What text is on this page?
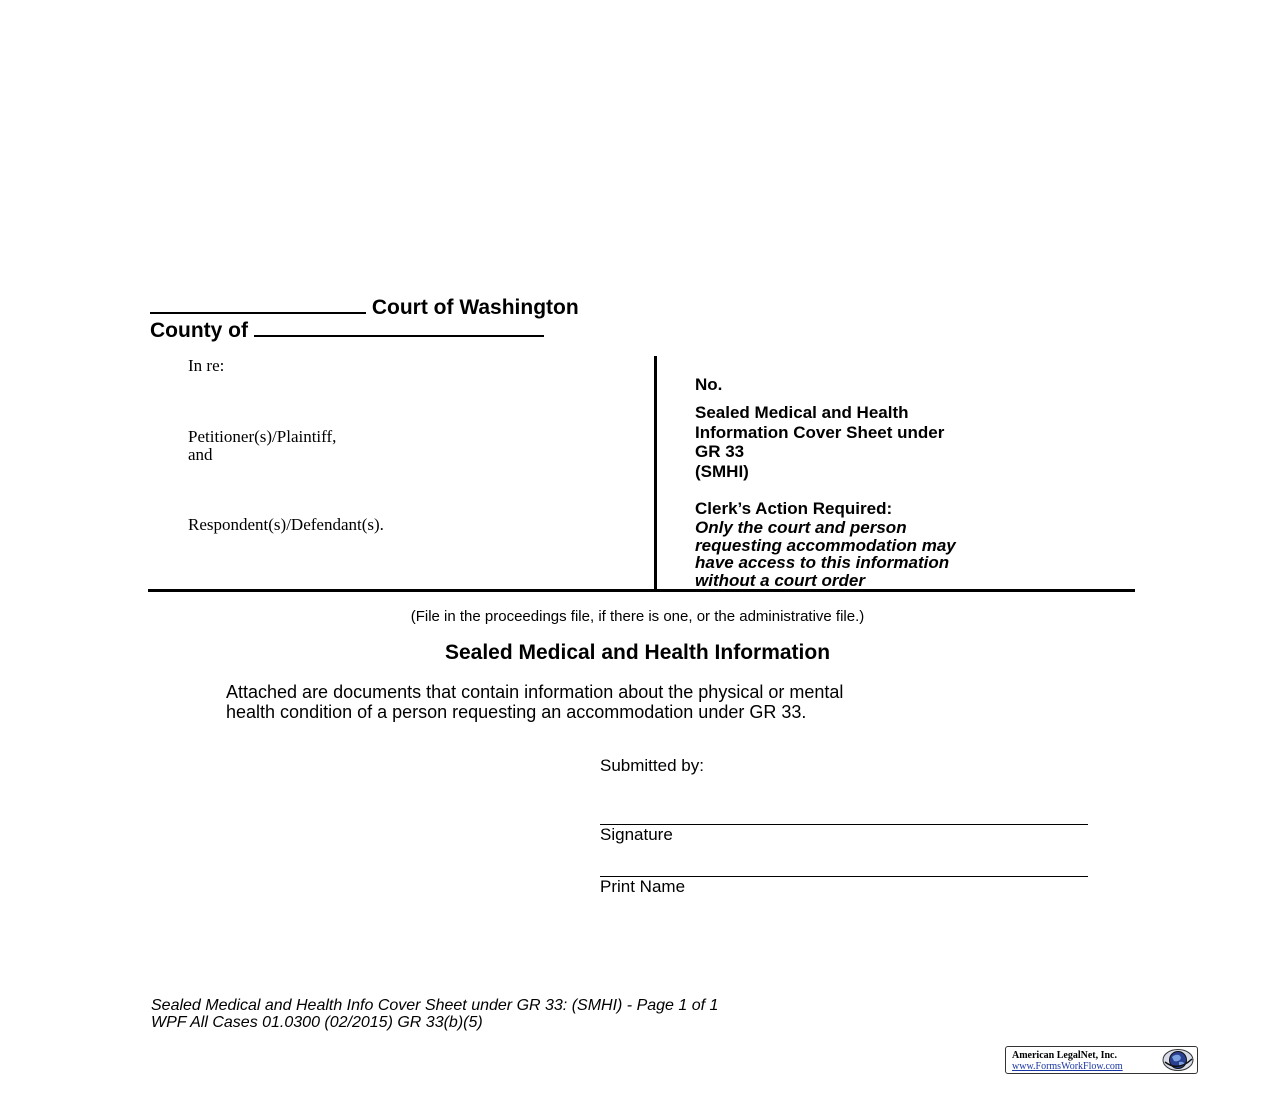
Court of Washington
County of
In re:
Petitioner(s)/Plaintiff,
and
Respondent(s)/Defendant(s).
No.
Sealed Medical and Health
Information Cover Sheet under
GR 33
(SMHI)
Clerk’s Action Required:
Only the court and person
requesting accommodation may
have access to this information
without a court order
(File in the proceedings file, if there is one, or the administrative file.)
Sealed Medical and Health Information
Attached are documents that contain information about the physical or mental
health condition of a person requesting an accommodation under GR 33.
Submitted by:
Signature
Print Name
Sealed Medical and Health Info Cover Sheet under GR 33: (SMHI) - Page 1 of 1
WPF All Cases 01.0300 (02/2015) GR 33(b)(5)
American LegalNet, Inc.
www.FormsWorkFlow.com
